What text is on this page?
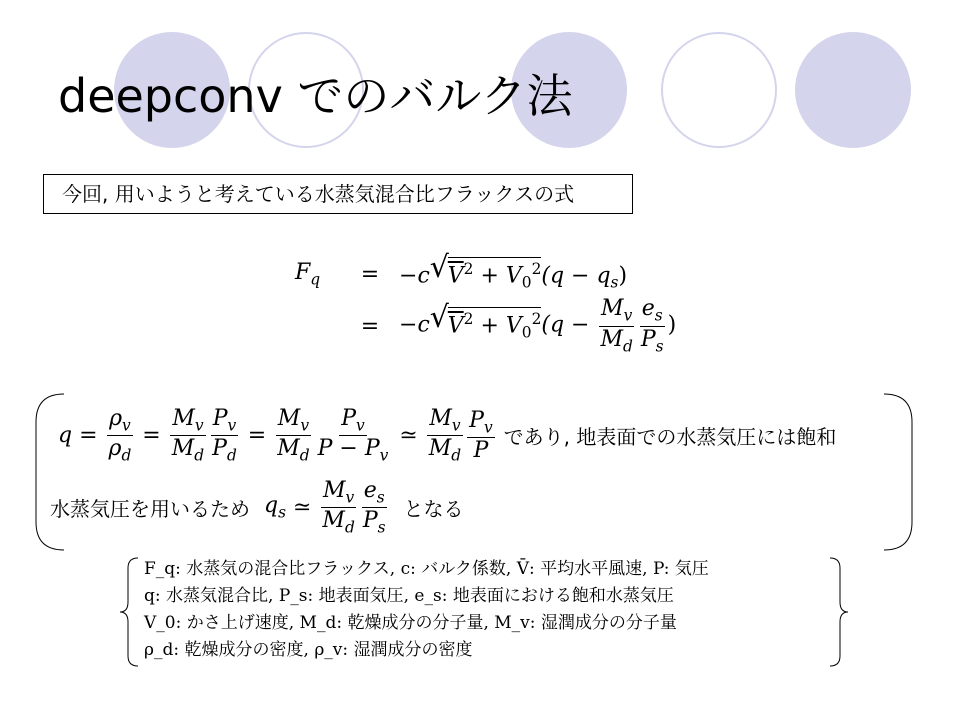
deepconv でのバルク法
今回, 用いようと考えている水蒸気混合比フラックスの式
$F_q$	= −c √
$V^2 + V_0^2(q - q_s)$
= −c √
$V^2 + V_0^2(q - \frac{M_v}{M_d} \frac{e_s}{P_s}$ )
$q = \frac{\rho_v}{\rho_d} = \frac{M_v}{M_d} \frac{P_v}{P_d} = \frac{M_v}{M_d} \frac{P_v}{P - P_v}$ ≃ $\frac{M_v}{M_d} \frac{P_v}{P}$
であり, 地表面での水蒸気圧には飽和
水蒸気圧を用いるため
$q_s$ ≃ $\frac{M_v}{M_d} \frac{e_s}{P_s}$
となる
F_q: 水蒸気の混合比フラックス, c: バルク係数, V̄: 平均水平風速, P: 気圧
q: 水蒸気混合比, P_s: 地表面気圧, e_s: 地表面における飽和水蒸気圧
V_0: かさ上げ速度, M_d: 乾燥成分の分子量, M_v: 湿潤成分の分子量
ρ_d: 乾燥成分の密度, ρ_v: 湿潤成分の密度
